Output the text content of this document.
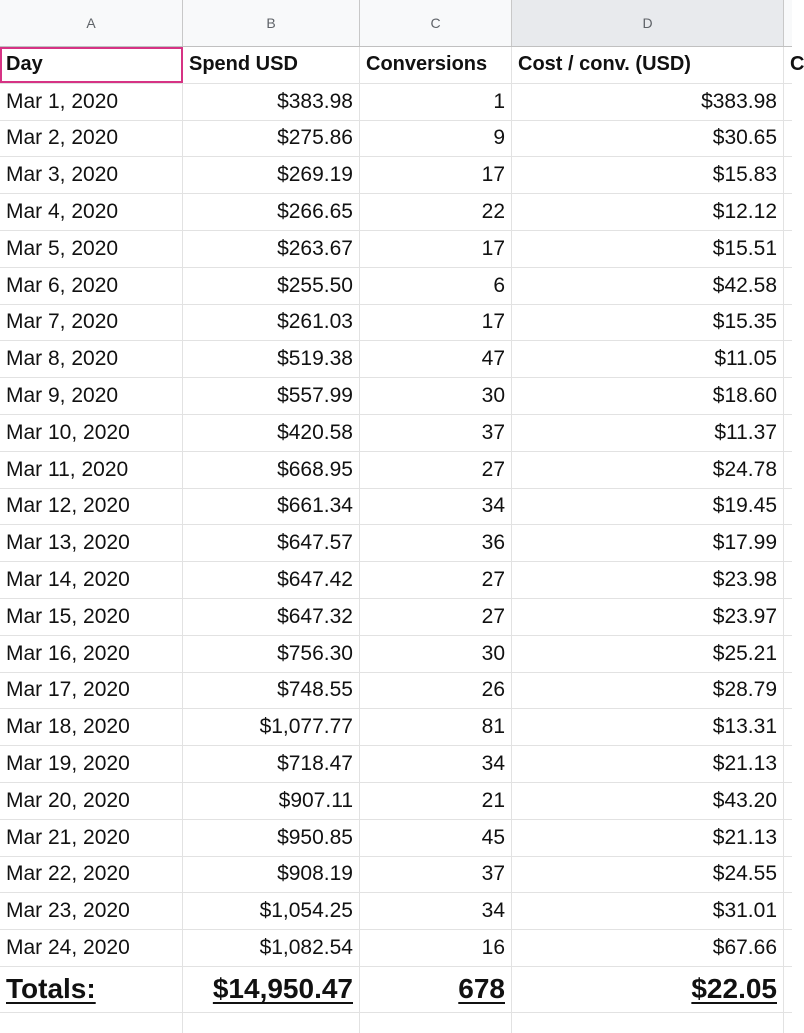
A	B	C	D
Day	Spend USD	Conversions	Cost / conv. (USD)	C
Mar 1, 2020	$383.98	1	$383.98
Mar 2, 2020	$275.86	9	$30.65
Mar 3, 2020	$269.19	17	$15.83
Mar 4, 2020	$266.65	22	$12.12
Mar 5, 2020	$263.67	17	$15.51
Mar 6, 2020	$255.50	6	$42.58
Mar 7, 2020	$261.03	17	$15.35
Mar 8, 2020	$519.38	47	$11.05
Mar 9, 2020	$557.99	30	$18.60
Mar 10, 2020	$420.58	37	$11.37
Mar 11, 2020	$668.95	27	$24.78
Mar 12, 2020	$661.34	34	$19.45
Mar 13, 2020	$647.57	36	$17.99
Mar 14, 2020	$647.42	27	$23.98
Mar 15, 2020	$647.32	27	$23.97
Mar 16, 2020	$756.30	30	$25.21
Mar 17, 2020	$748.55	26	$28.79
Mar 18, 2020	$1,077.77	81	$13.31
Mar 19, 2020	$718.47	34	$21.13
Mar 20, 2020	$907.11	21	$43.20
Mar 21, 2020	$950.85	45	$21.13
Mar 22, 2020	$908.19	37	$24.55
Mar 23, 2020	$1,054.25	34	$31.01
Mar 24, 2020	$1,082.54	16	$67.66
Totals:	$14,950.47	678	$22.05
